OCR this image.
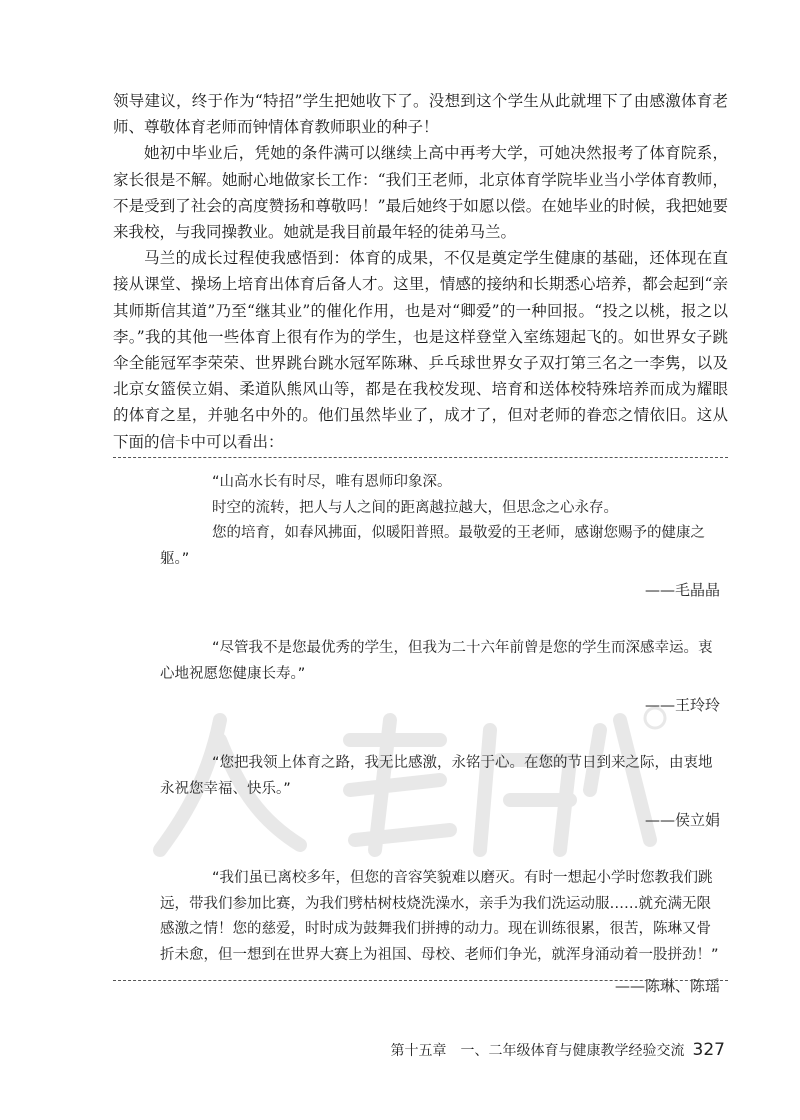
领导建议，终于作为“特招”学生把她收下了。没想到这个学生从此就埋下了由感激体育老师、尊敬体育老师而钟情体育教师职业的种子！

她初中毕业后，凭她的条件满可以继续上高中再考大学，可她决然报考了体育院系，家长很是不解。她耐心地做家长工作：“我们王老师，北京体育学院毕业当小学体育教师，不是受到了社会的高度赞扬和尊敬吗！”最后她终于如愿以偿。在她毕业的时候，我把她要来我校，与我同操教业。她就是我目前最年轻的徒弟马兰。

马兰的成长过程使我感悟到：体育的成果，不仅是奠定学生健康的基础，还体现在直接从课堂、操场上培育出体育后备人才。这里，情感的接纳和长期悉心培养，都会起到“亲其师斯信其道”乃至“继其业”的催化作用，也是对“卿爱”的一种回报。“投之以桃，报之以李。”我的其他一些体育上很有作为的学生，也是这样登堂入室练翅起飞的。如世界女子跳伞全能冠军李荣荣、世界跳台跳水冠军陈琳、乒乓球世界女子双打第三名之一李隽，以及北京女篮侯立娟、柔道队熊风山等，都是在我校发现、培育和送体校特殊培养而成为耀眼的体育之星，并驰名中外的。他们虽然毕业了，成才了，但对老师的眷恋之情依旧。这从下面的信卡中可以看出：

“山高水长有时尽，唯有恩师印象深。

时空的流转，把人与人之间的距离越拉越大，但思念之心永存。

您的培育，如春风拂面，似暖阳普照。最敬爱的王老师，感谢您赐予的健康之躯。”

——毛晶晶

“尽管我不是您最优秀的学生，但我为二十六年前曾是您的学生而深感幸运。衷心地祝愿您健康长寿。”

——王玲玲

“您把我领上体育之路，我无比感激，永铭于心。在您的节日到来之际，由衷地永祝您幸福、快乐。”

——侯立娟

“我们虽已离校多年，但您的音容笑貌难以磨灭。有时一想起小学时您教我们跳远，带我们参加比赛，为我们劈枯树枝烧洗澡水，亲手为我们洗运动服……就充满无限感激之情！您的慈爱，时时成为鼓舞我们拼搏的动力。现在训练很累，很苦，陈琳又骨折未愈，但一想到在世界大赛上为祖国、母校、老师们争光，就浑身涌动着一股拼劲！”

——陈琳、陈瑶
第十五章　一、二年级体育与健康教学经验交流 327
